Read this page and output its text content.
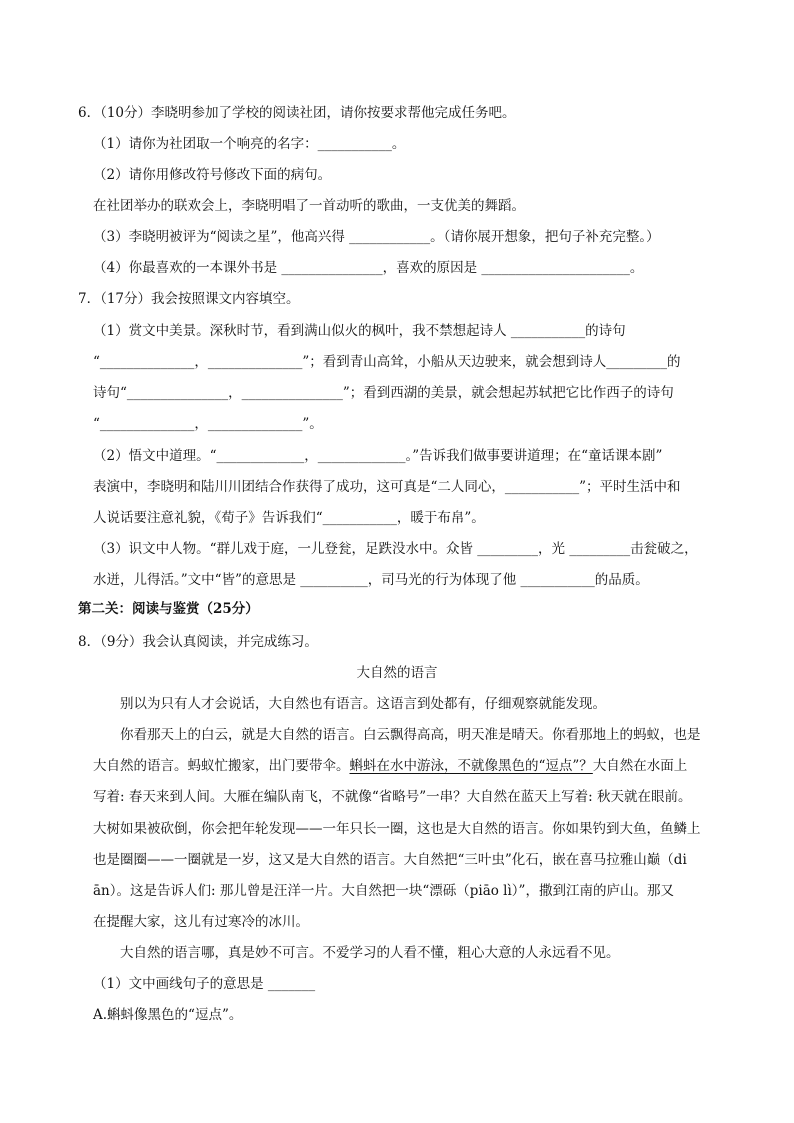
6．（10分）李晓明参加了学校的阅读社团，请你按要求帮他完成任务吧。
（1）请你为社团取一个响亮的名字：___________。
（2）请你用修改符号修改下面的病句。
在社团举办的联欢会上，李晓明唱了一首动听的歌曲，一支优美的舞蹈。
（3）李晓明被评为“阅读之星”，他高兴得 ____________。（请你展开想象，把句子补充完整。）
（4）你最喜欢的一本课外书是 _______________，喜欢的原因是 ______________________。
7．（17分）我会按照课文内容填空。
（1）赏文中美景。深秋时节，看到满山似火的枫叶，我不禁想起诗人 ___________的诗句
“______________，______________”；看到青山高耸，小船从天边驶来，就会想到诗人_________的
诗句“_______________，_______________”；看到西湖的美景，就会想起苏轼把它比作西子的诗句
“______________，______________”。
（2）悟文中道理。“_____________，_____________。”告诉我们做事要讲道理；在“童话课本剧”
表演中，李晓明和陆川川团结合作获得了成功，这可真是“二人同心，___________”；平时生活中和
人说话要注意礼貌，《荀子》告诉我们“___________，暖于布帛”。
（3）识文中人物。“群儿戏于庭，一儿登瓮，足跌没水中。众皆 _________，光 _________击瓮破之，
水迸，儿得活。”文中“皆”的意思是 __________，司马光的行为体现了他 ___________的品质。
第二关：阅读与鉴赏（25分）
8．（9分）我会认真阅读，并完成练习。
大自然的语言
别以为只有人才会说话，大自然也有语言。这语言到处都有，仔细观察就能发现。
你看那天上的白云，就是大自然的语言。白云飘得高高，明天准是晴天。你看那地上的蚂蚁，也是
大自然的语言。蚂蚁忙搬家，出门要带伞。蝌蚪在水中游泳，不就像黑色的“逗点”？大自然在水面上
写着: 春天来到人间。大雁在编队南飞，不就像“省略号”一串？大自然在蓝天上写着: 秋天就在眼前。
大树如果被砍倒，你会把年轮发现——一年只长一圈，这也是大自然的语言。你如果钓到大鱼，鱼鳞上
也是圈圈——一圈就是一岁，这又是大自然的语言。大自然把“三叶虫”化石，嵌在喜马拉雅山巅（di
ān）。这是告诉人们: 那儿曾是汪洋一片。大自然把一块“漂砾（piāo lì）”，撒到江南的庐山。那又
在提醒大家，这儿有过寒冷的冰川。
大自然的语言哪，真是妙不可言。不爱学习的人看不懂，粗心大意的人永远看不见。
（1）文中画线句子的意思是 _______
A.蝌蚪像黑色的“逗点”。
